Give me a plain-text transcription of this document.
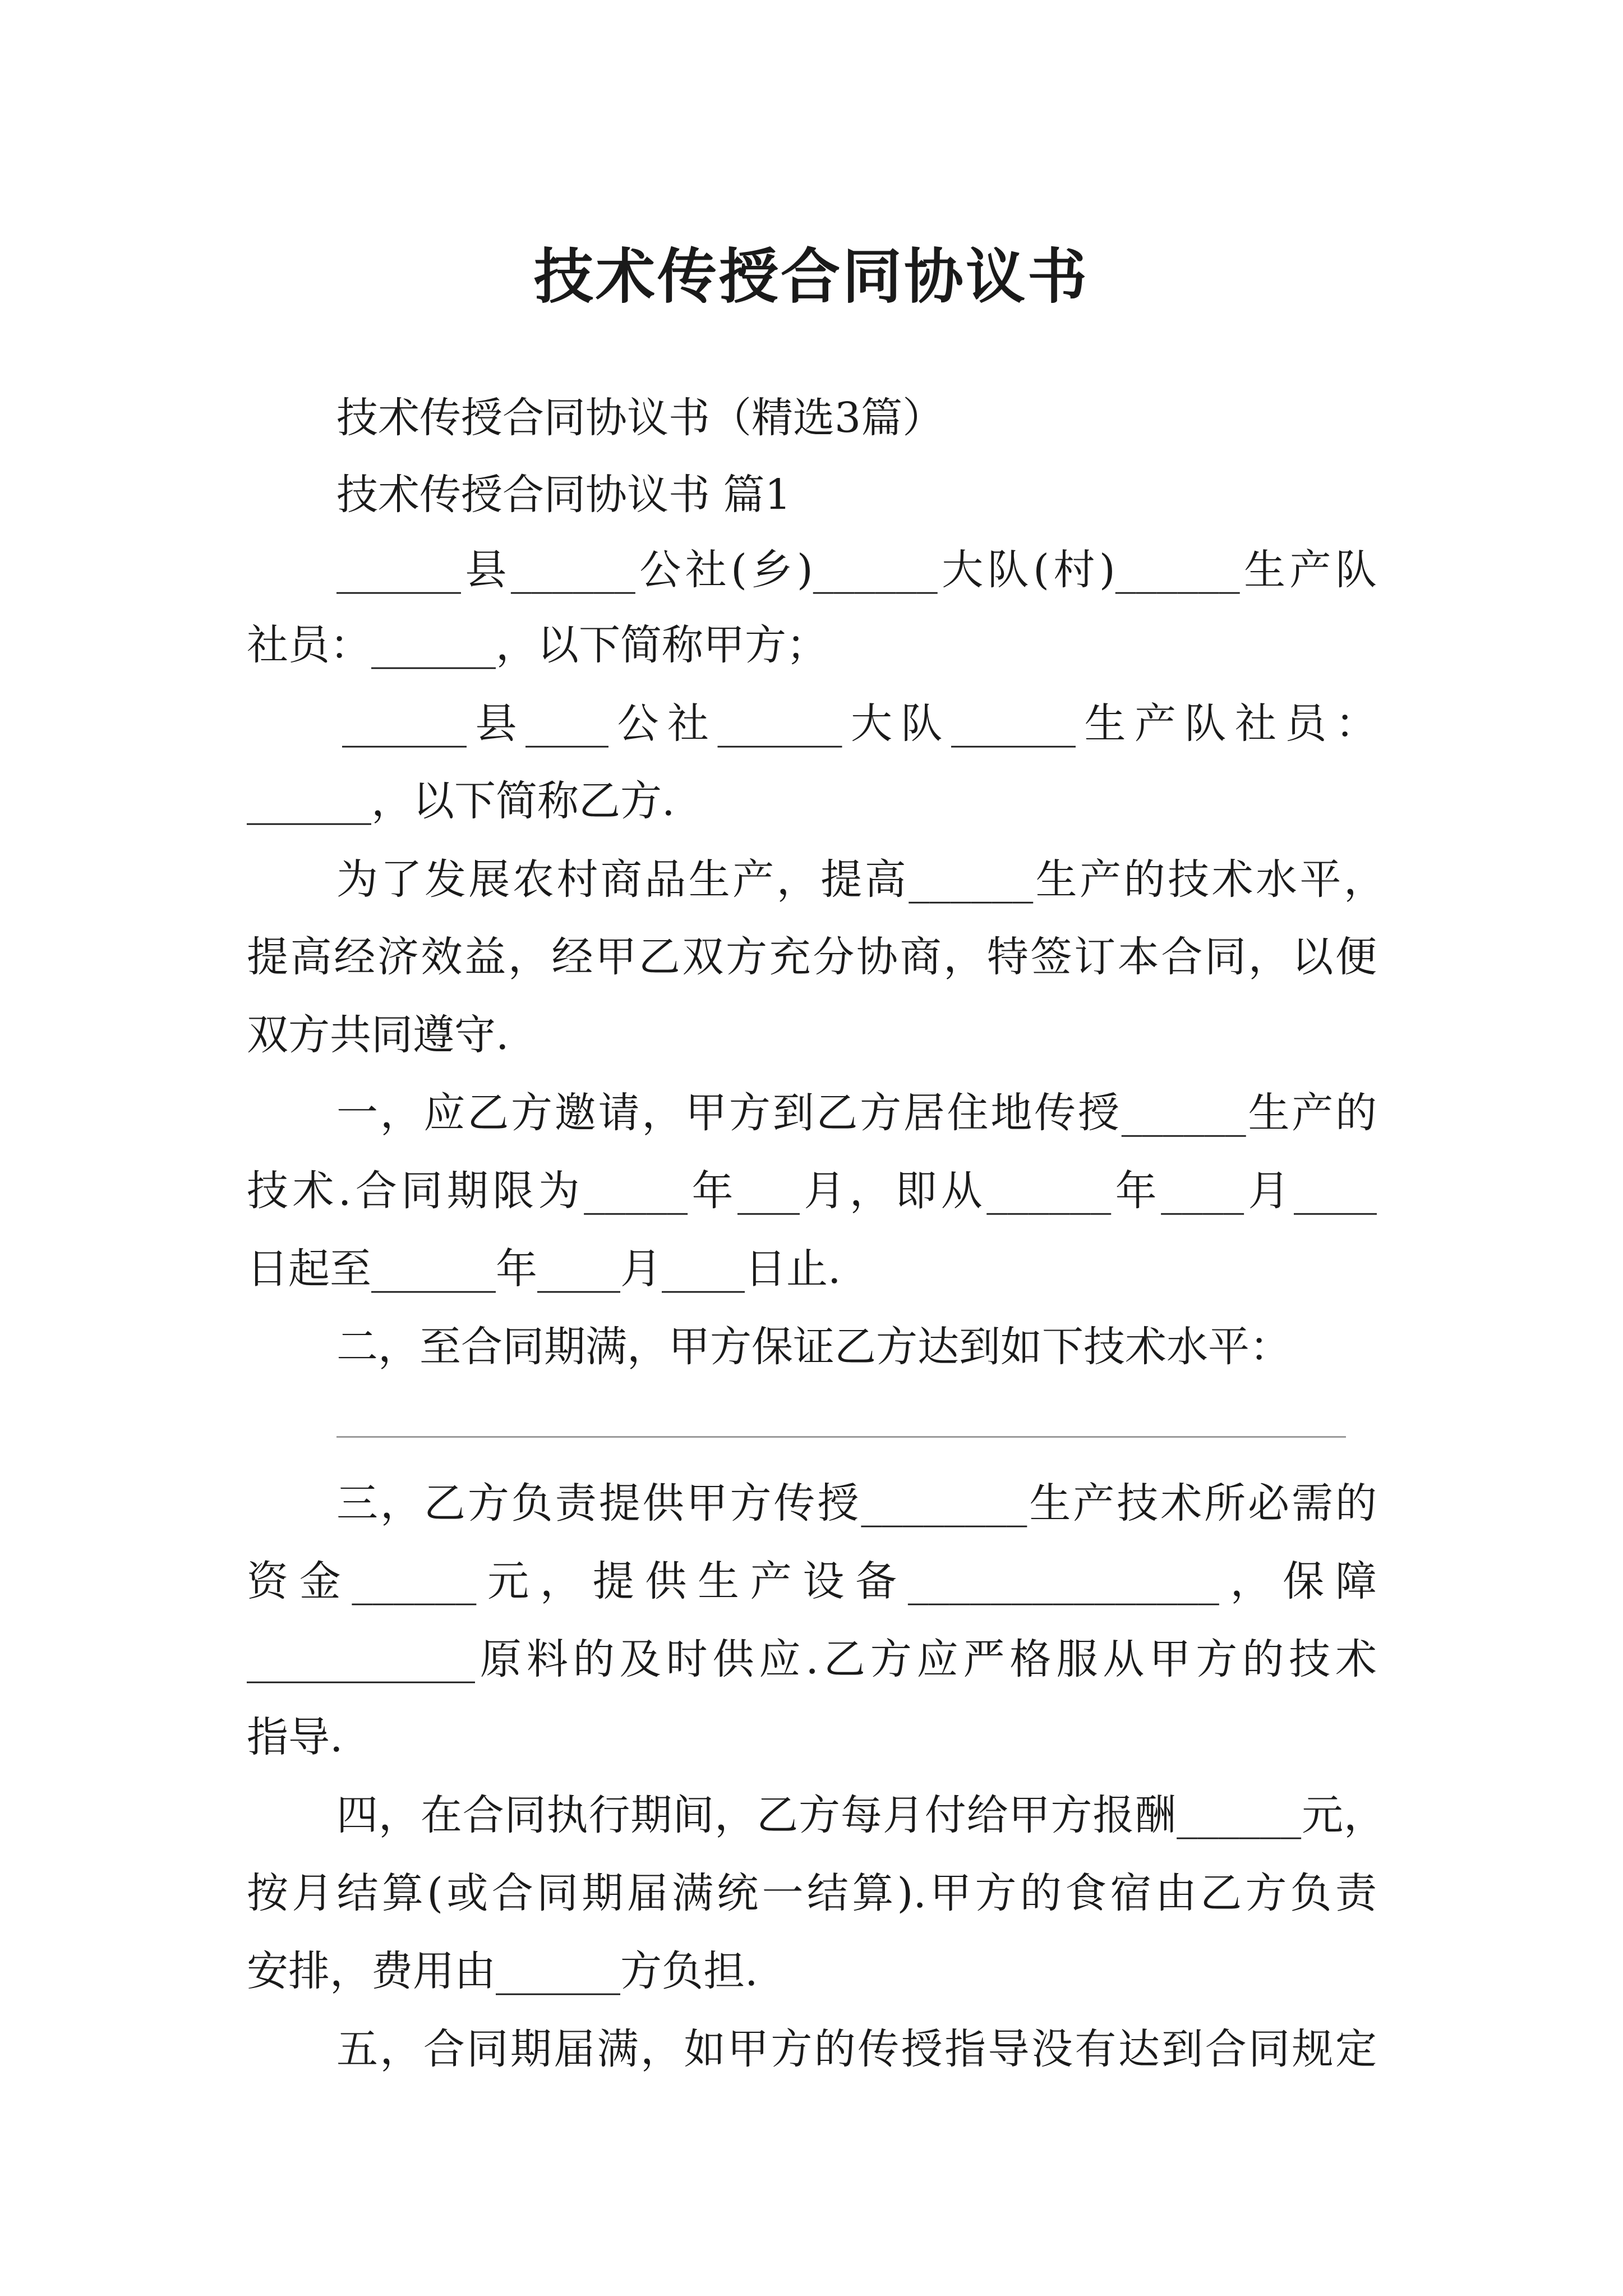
技术传授合同协议书

技术传授合同协议书（精选3篇）

技术传授合同协议书 篇1

______县______公社(乡)______大队(村)______生产队

社员：______，以下简称甲方；

______县____公社______大队______生产队社员：

______，以下简称乙方.

为了发展农村商品生产，提高______生产的技术水平，

提高经济效益，经甲乙双方充分协商，特签订本合同，以便

双方共同遵守.

一，应乙方邀请，甲方到乙方居住地传授______生产的

技术.合同期限为_____年___月，即从______年____月____

日起至______年____月____日止.

二，至合同期满，甲方保证乙方达到如下技术水平：

三，乙方负责提供甲方传授________生产技术所必需的

资金______元，提供生产设备_______________，保障

___________原料的及时供应.乙方应严格服从甲方的技术

指导.

四，在合同执行期间，乙方每月付给甲方报酬______元，

按月结算(或合同期届满统一结算).甲方的食宿由乙方负责

安排，费用由______方负担.

五，合同期届满，如甲方的传授指导没有达到合同规定
